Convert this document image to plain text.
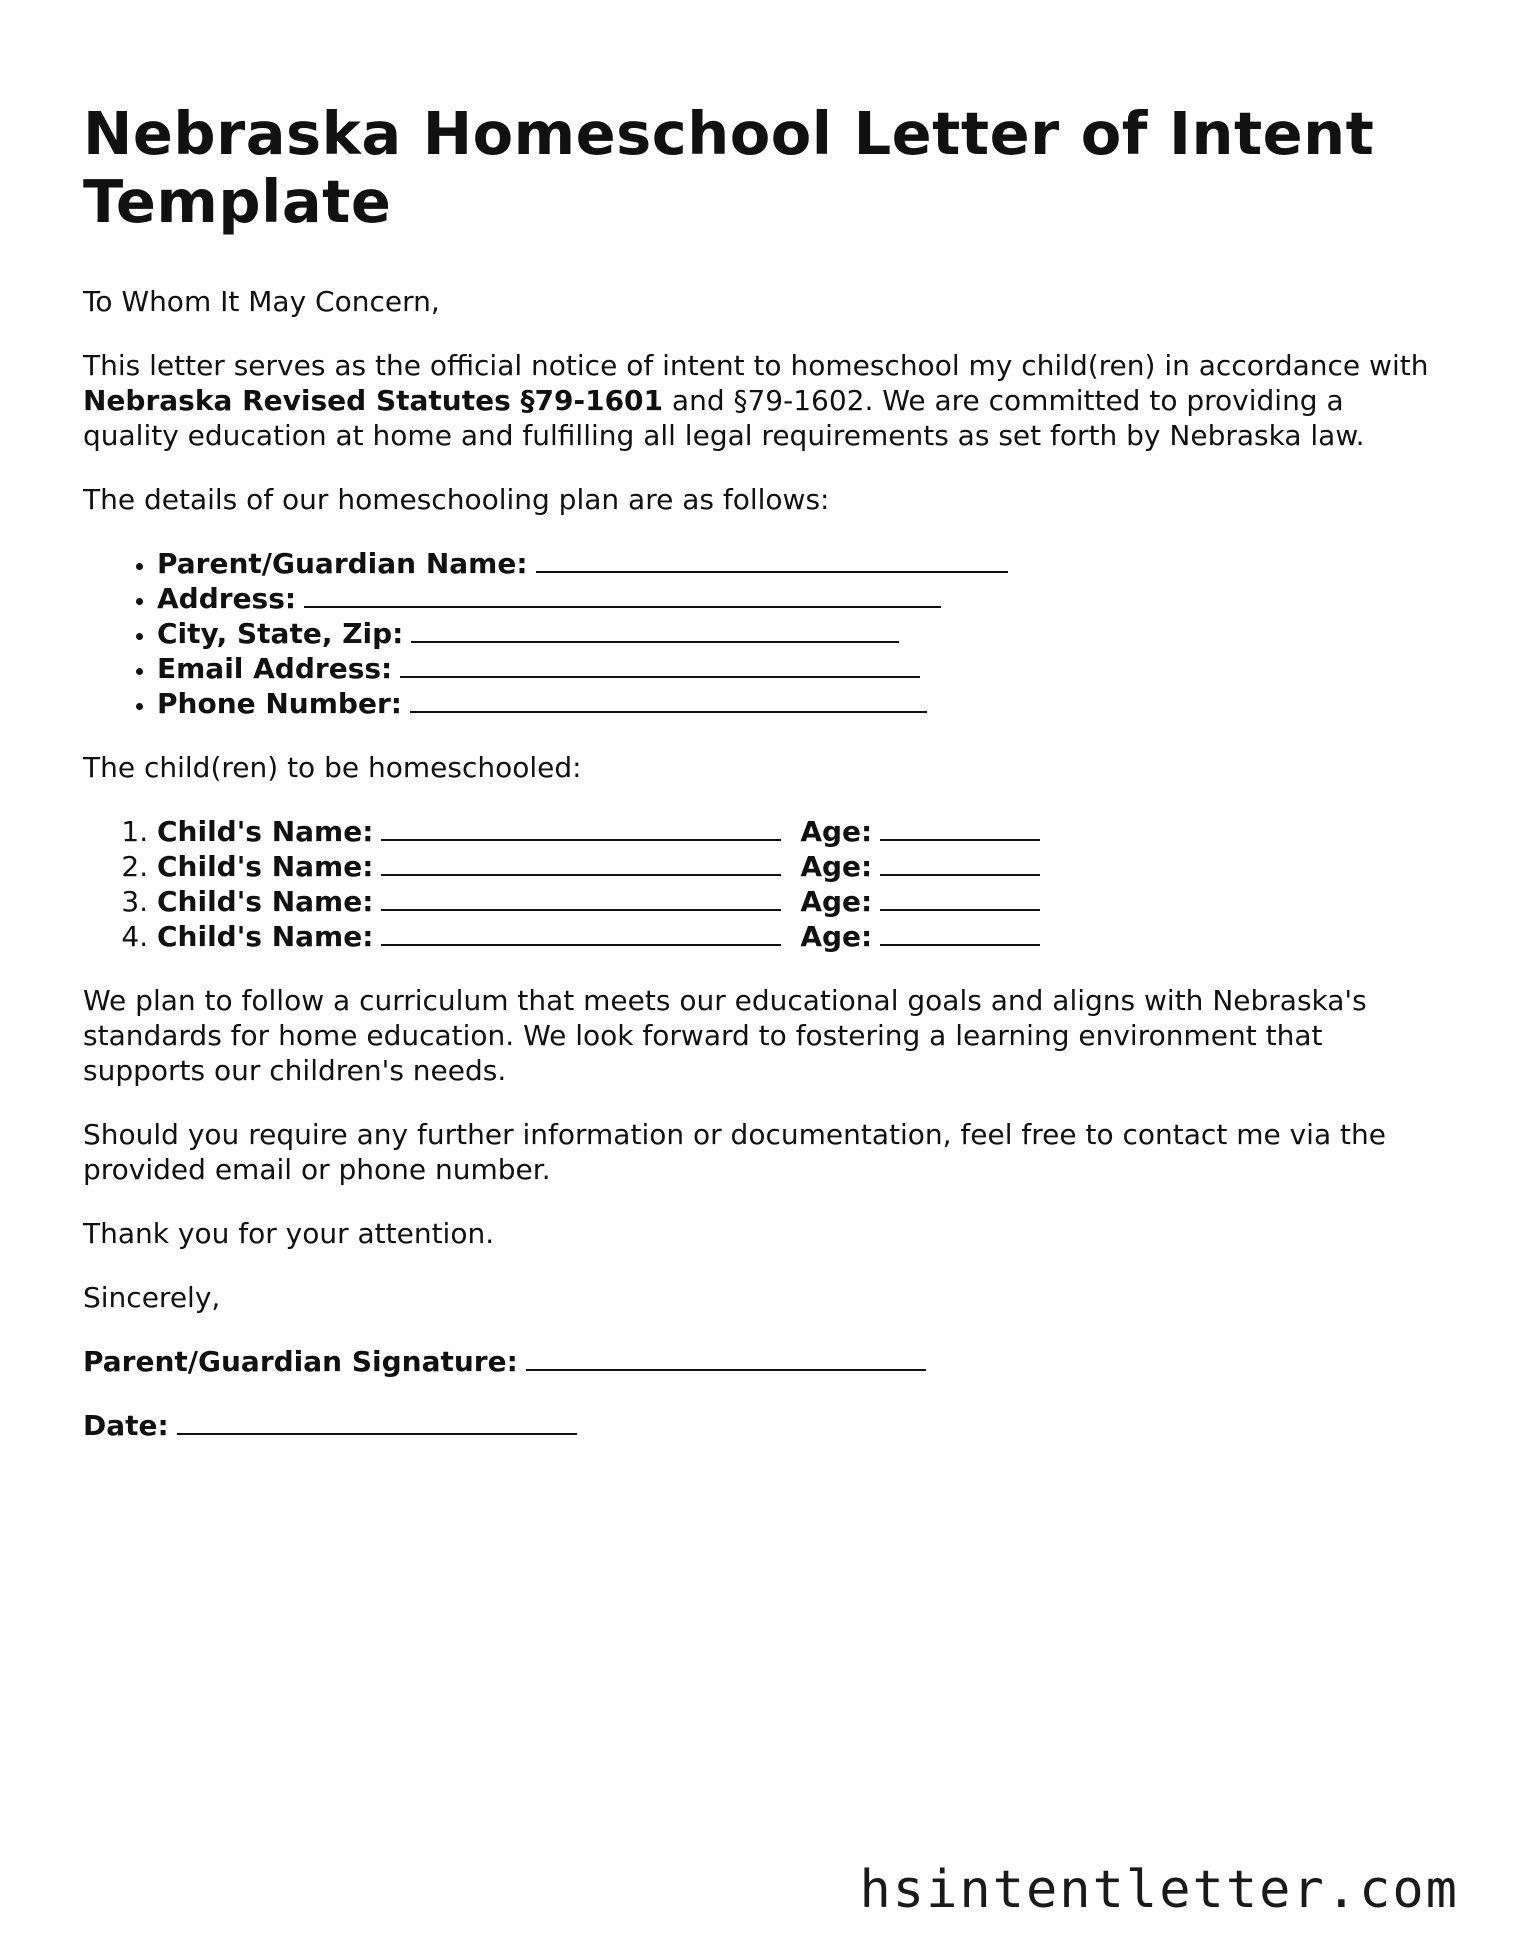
Nebraska Homeschool Letter of Intent Template

To Whom It May Concern,

This letter serves as the official notice of intent to homeschool my child(ren) in accordance with Nebraska Revised Statutes §79-1601 and §79-1602. We are committed to providing a quality education at home and fulfilling all legal requirements as set forth by Nebraska law.

The details of our homeschooling plan are as follows:

• Parent/Guardian Name:
• Address:
• City, State, Zip:
• Email Address:
• Phone Number:

The child(ren) to be homeschooled:

1. Child's Name:	Age:
2. Child's Name:	Age:
3. Child's Name:	Age:
4. Child's Name:	Age:

We plan to follow a curriculum that meets our educational goals and aligns with Nebraska's standards for home education. We look forward to fostering a learning environment that supports our children's needs.

Should you require any further information or documentation, feel free to contact me via the provided email or phone number.

Thank you for your attention.

Sincerely,

Parent/Guardian Signature:

Date:

hsintentletter.com
